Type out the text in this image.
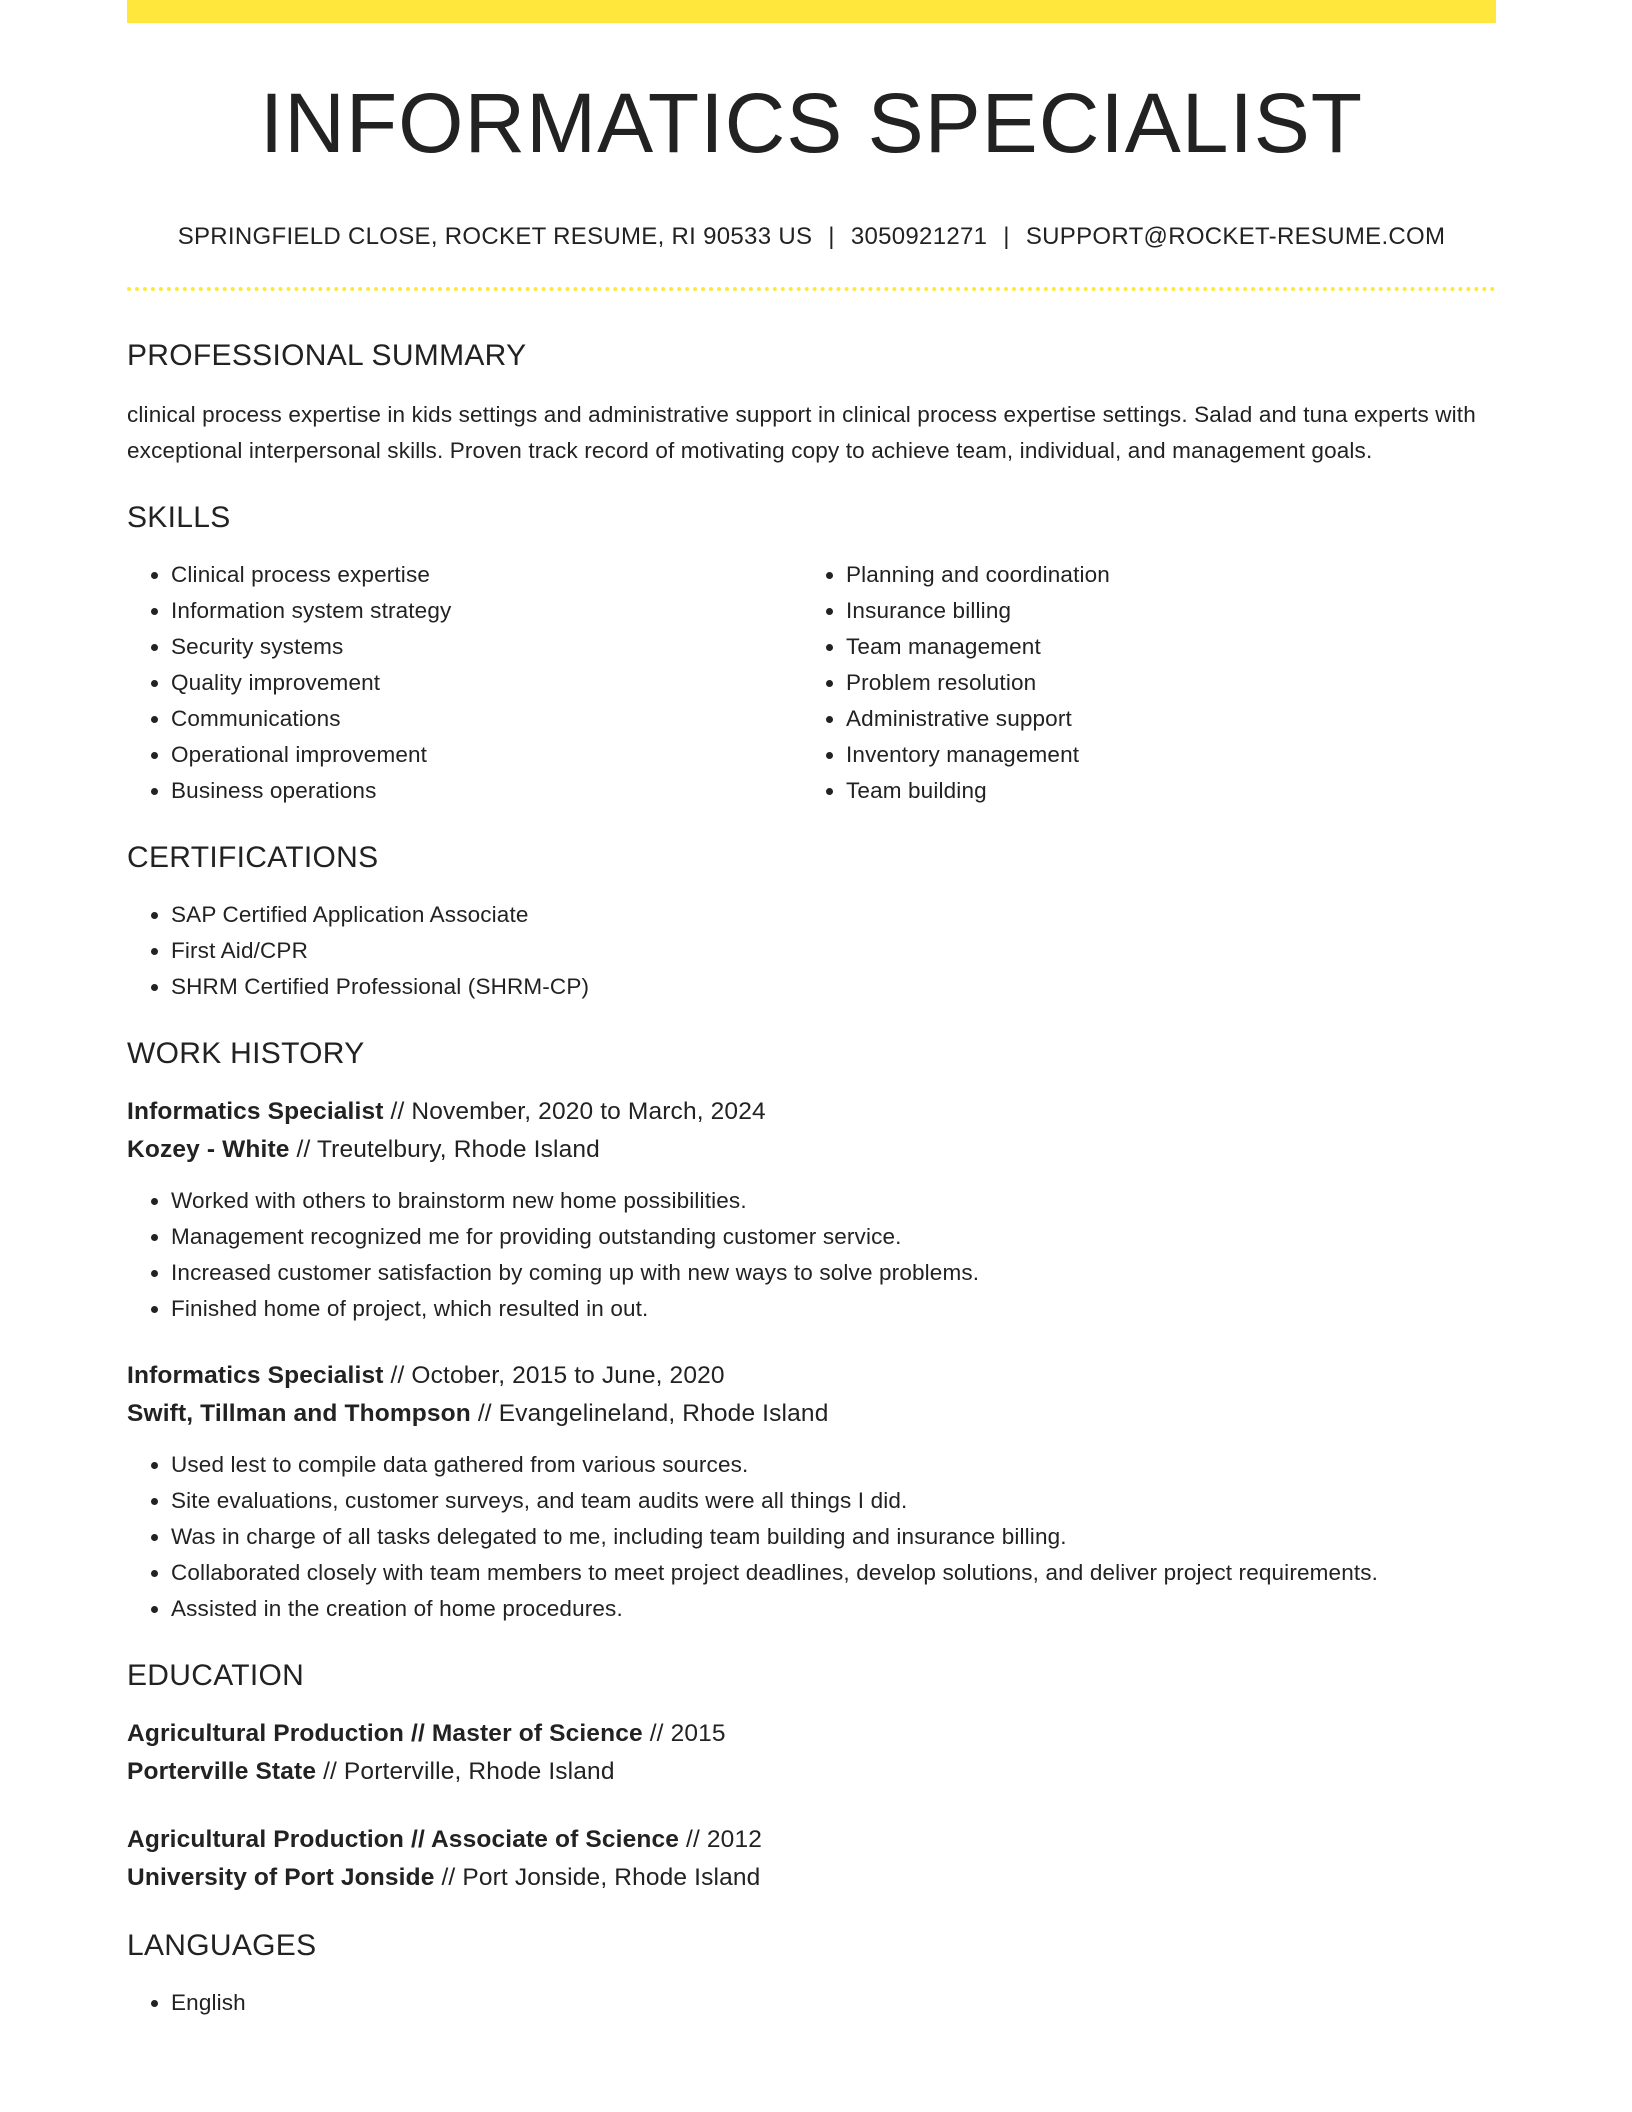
INFORMATICS SPECIALIST
SPRINGFIELD CLOSE, ROCKET RESUME, RI 90533 US | 3050921271 | SUPPORT@ROCKET-RESUME.COM
PROFESSIONAL SUMMARY
clinical process expertise in kids settings and administrative support in clinical process expertise settings. Salad and tuna experts with exceptional interpersonal skills. Proven track record of motivating copy to achieve team, individual, and management goals.
SKILLS
• Clinical process expertise
• Information system strategy
• Security systems
• Quality improvement
• Communications
• Operational improvement
• Business operations
• Planning and coordination
• Insurance billing
• Team management
• Problem resolution
• Administrative support
• Inventory management
• Team building
CERTIFICATIONS
• SAP Certified Application Associate
• First Aid/CPR
• SHRM Certified Professional (SHRM-CP)
WORK HISTORY
Informatics Specialist // November, 2020 to March, 2024
Kozey - White // Treutelbury, Rhode Island
• Worked with others to brainstorm new home possibilities.
• Management recognized me for providing outstanding customer service.
• Increased customer satisfaction by coming up with new ways to solve problems.
• Finished home of project, which resulted in out.
Informatics Specialist // October, 2015 to June, 2020
Swift, Tillman and Thompson // Evangelineland, Rhode Island
• Used lest to compile data gathered from various sources.
• Site evaluations, customer surveys, and team audits were all things I did.
• Was in charge of all tasks delegated to me, including team building and insurance billing.
• Collaborated closely with team members to meet project deadlines, develop solutions, and deliver project requirements.
• Assisted in the creation of home procedures.
EDUCATION
Agricultural Production // Master of Science // 2015
Porterville State // Porterville, Rhode Island
Agricultural Production // Associate of Science // 2012
University of Port Jonside // Port Jonside, Rhode Island
LANGUAGES
• English
